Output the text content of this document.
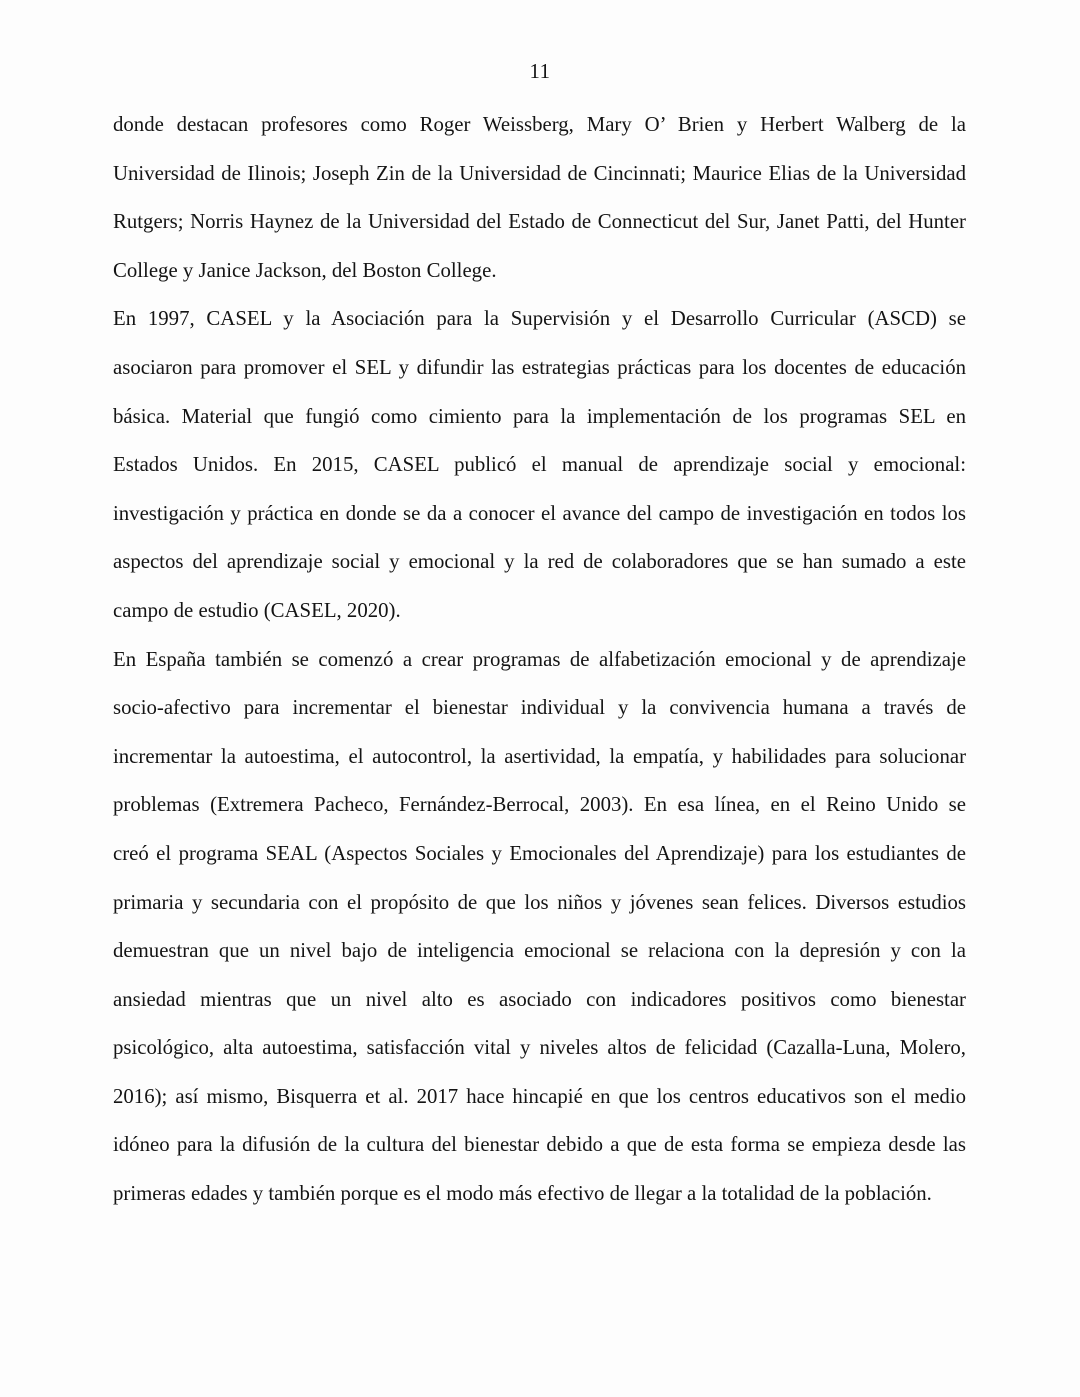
11

donde destacan profesores como Roger Weissberg, Mary O’ Brien y Herbert Walberg de la
Universidad de Ilinois; Joseph Zin de la Universidad de Cincinnati; Maurice Elias de la Universidad
Rutgers; Norris Haynez de la Universidad del Estado de Connecticut del Sur, Janet Patti, del Hunter
College y Janice Jackson, del Boston College.

En 1997, CASEL y la Asociación para la Supervisión y el Desarrollo Curricular (ASCD) se
asociaron para promover el SEL y difundir las estrategias prácticas para los docentes de educación
básica. Material que fungió como cimiento para la implementación de los programas SEL en
Estados Unidos. En 2015, CASEL publicó el manual de aprendizaje social y emocional:
investigación y práctica en donde se da a conocer el avance del campo de investigación en todos los
aspectos del aprendizaje social y emocional y la red de colaboradores que se han sumado a este
campo de estudio (CASEL, 2020).

En España también se comenzó a crear programas de alfabetización emocional y de aprendizaje
socio-afectivo para incrementar el bienestar individual y la convivencia humana a través de
incrementar la autoestima, el autocontrol, la asertividad, la empatía, y habilidades para solucionar
problemas (Extremera Pacheco, Fernández-Berrocal, 2003). En esa línea, en el Reino Unido se
creó el programa SEAL (Aspectos Sociales y Emocionales del Aprendizaje) para los estudiantes de
primaria y secundaria con el propósito de que los niños y jóvenes sean felices. Diversos estudios
demuestran que un nivel bajo de inteligencia emocional se relaciona con la depresión y con la
ansiedad mientras que un nivel alto es asociado con indicadores positivos como bienestar
psicológico, alta autoestima, satisfacción vital y niveles altos de felicidad (Cazalla-Luna, Molero,
2016); así mismo, Bisquerra et al. 2017 hace hincapié en que los centros educativos son el medio
idóneo para la difusión de la cultura del bienestar debido a que de esta forma se empieza desde las
primeras edades y también porque es el modo más efectivo de llegar a la totalidad de la población.
